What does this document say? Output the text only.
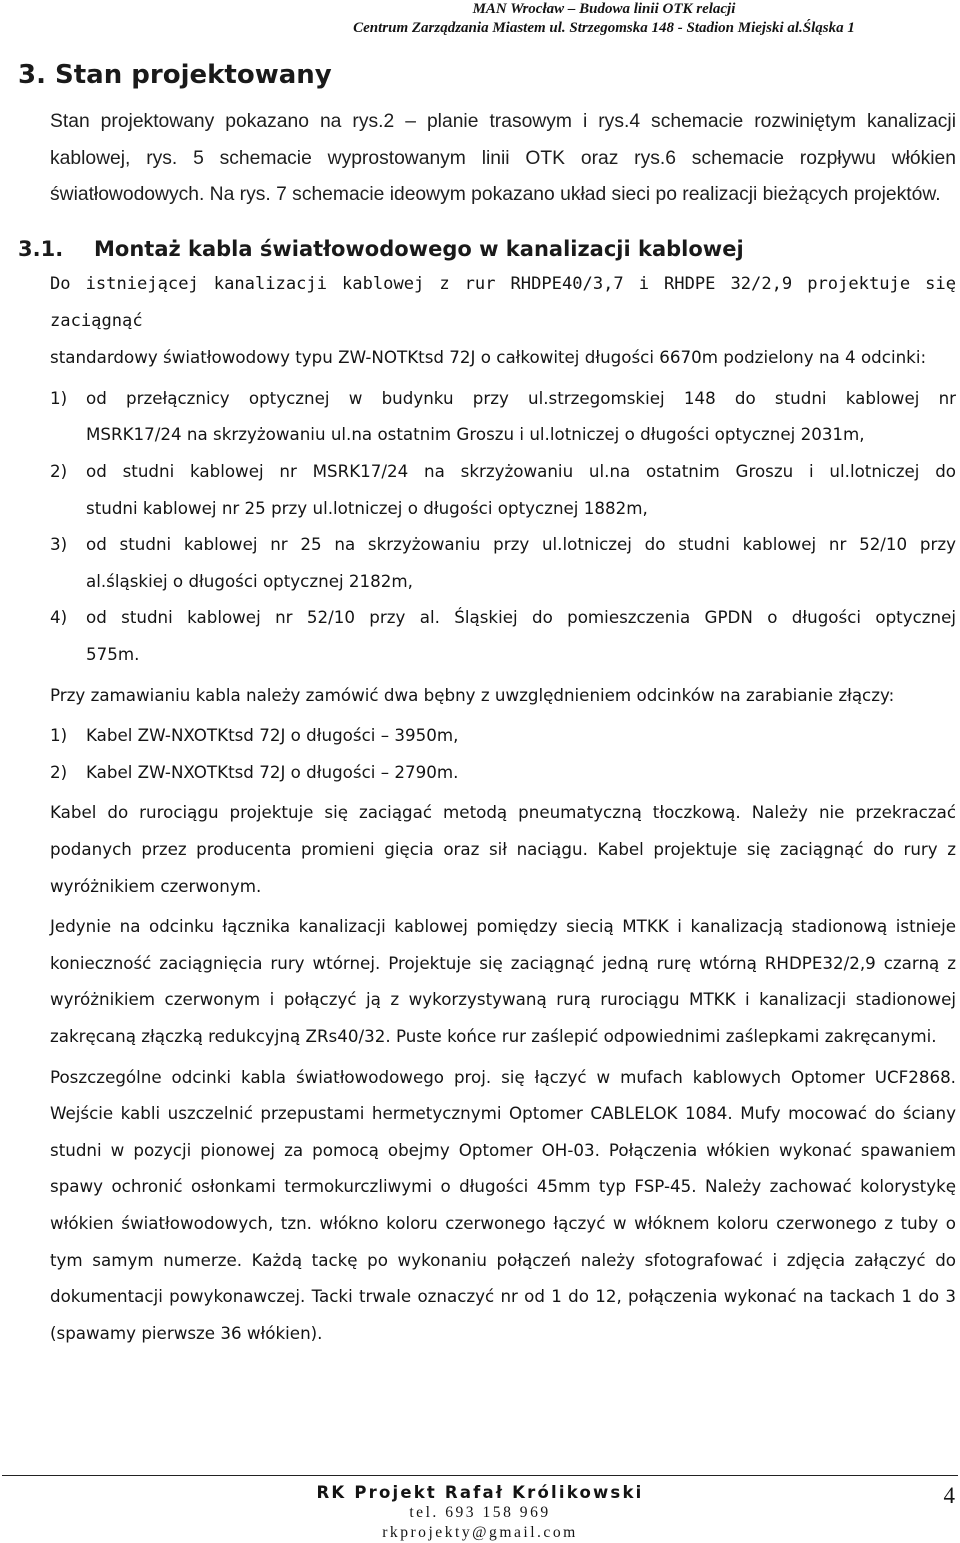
MAN Wrocław – Budowa linii OTK relacji
Centrum Zarządzania Miastem ul. Strzegomska 148 - Stadion Miejski al.Śląska 1
3. Stan projektowany

Stan projektowany pokazano na rys.2 – planie trasowym i rys.4 schemacie rozwiniętym kanalizacji kablowej, rys. 5 schemacie wyprostowanym linii OTK oraz rys.6 schemacie rozpływu włókien światłowodowych. Na rys. 7 schemacie ideowym pokazano układ sieci po realizacji bieżących projektów.

3.1. Montaż kabla światłowodowego w kanalizacji kablowej

Do istniejącej kanalizacji kablowej z rur RHDPE40/3,7 i RHDPE 32/2,9 projektuje się zaciągnąć
standardowy światłowodowy typu ZW-NOTKtsd 72J o całkowitej długości 6670m podzielony na 4 odcinki:

1) od przełącznicy optycznej w budynku przy ul.strzegomskiej 148 do studni kablowej nr
MSRK17/24 na skrzyżowaniu ul.na ostatnim Groszu i ul.lotniczej o długości optycznej 2031m,
2) od studni kablowej nr MSRK17/24 na skrzyżowaniu ul.na ostatnim Groszu i ul.lotniczej do
studni kablowej nr 25 przy ul.lotniczej o długości optycznej 1882m,
3) od studni kablowej nr 25 na skrzyżowaniu przy ul.lotniczej do studni kablowej nr 52/10 przy
al.śląskiej o długości optycznej 2182m,
4) od studni kablowej nr 52/10 przy al. Śląskiej do pomieszczenia GPDN o długości optycznej
575m.

Przy zamawianiu kabla należy zamówić dwa bębny z uwzględnieniem odcinków na zarabianie złączy:

1) Kabel ZW-NXOTKtsd 72J o długości – 3950m,
2) Kabel ZW-NXOTKtsd 72J o długości – 2790m.

Kabel do rurociągu projektuje się zaciągać metodą pneumatyczną tłoczkową. Należy nie przekraczać podanych przez producenta promieni gięcia oraz sił naciągu. Kabel projektuje się zaciągnąć do rury z wyróżnikiem czerwonym.

Jedynie na odcinku łącznika kanalizacji kablowej pomiędzy siecią MTKK i kanalizacją stadionową istnieje konieczność zaciągnięcia rury wtórnej. Projektuje się zaciągnąć jedną rurę wtórną RHDPE32/2,9 czarną z wyróżnikiem czerwonym i połączyć ją z wykorzystywaną rurą rurociągu MTKK i kanalizacji stadionowej zakręcaną złączką redukcyjną ZRs40/32. Puste końce rur zaślepić odpowiednimi zaślepkami zakręcanymi.

Poszczególne odcinki kabla światłowodowego proj. się łączyć w mufach kablowych Optomer UCF2868. Wejście kabli uszczelnić przepustami hermetycznymi Optomer CABLELOK 1084. Mufy mocować do ściany studni w pozycji pionowej za pomocą obejmy Optomer OH-03. Połączenia włókien wykonać spawaniem spawy ochronić osłonkami termokurczliwymi o długości 45mm typ FSP-45. Należy zachować kolorystykę włókien światłowodowych, tzn. włókno koloru czerwonego łączyć w włóknem koloru czerwonego z tuby o tym samym numerze. Każdą tackę po wykonaniu połączeń należy sfotografować i zdjęcia załączyć do dokumentacji powykonawczej. Tacki trwale oznaczyć nr od 1 do 12, połączenia wykonać na tackach 1 do 3 (spawamy pierwsze 36 włókien).

RK Projekt Rafał Królikowski
tel. 693 158 969
rkprojekty@gmail.com
4
